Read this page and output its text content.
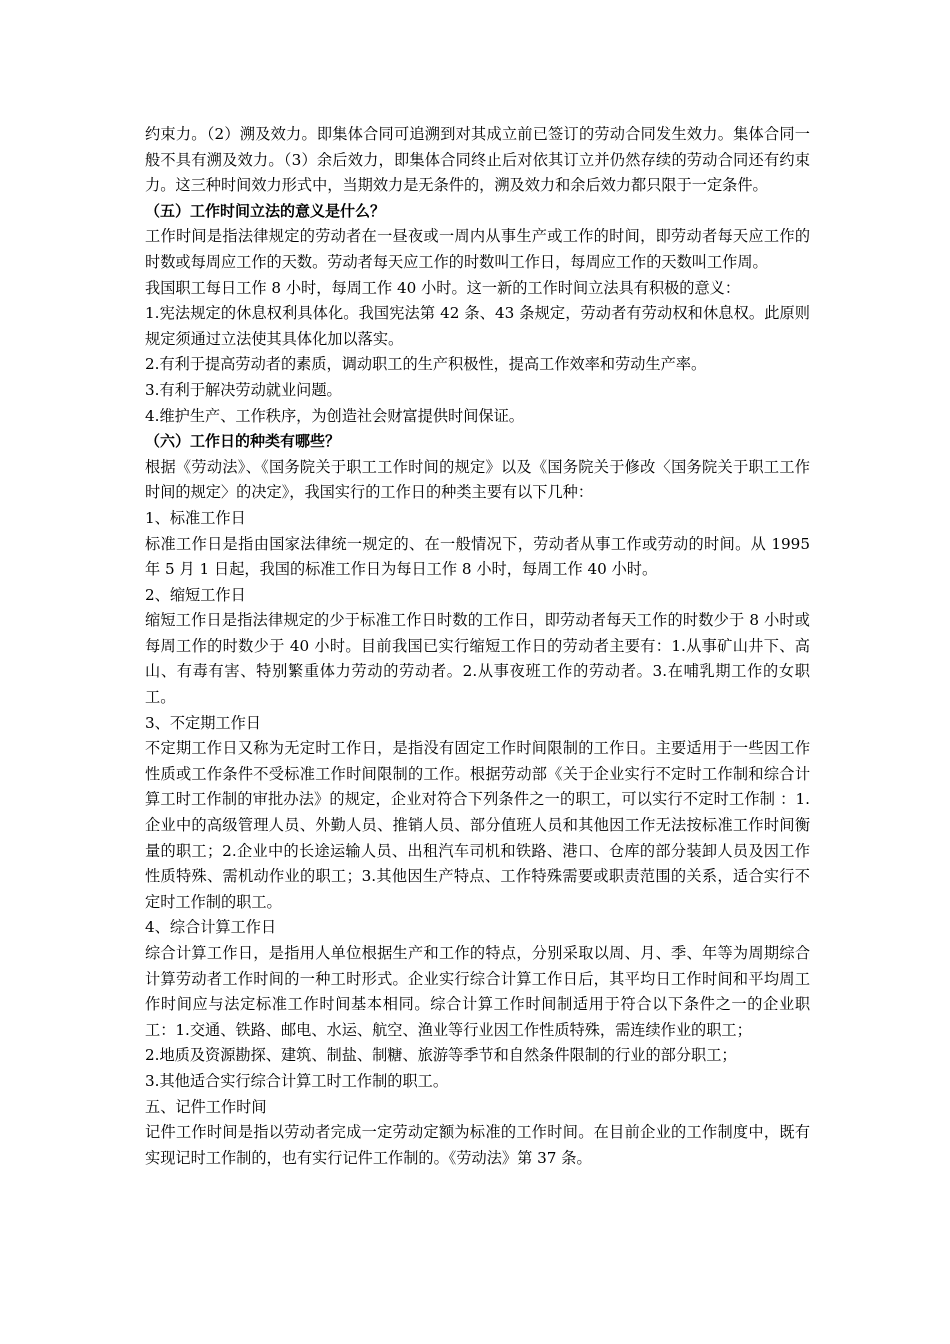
约束力。（2）溯及效力。即集体合同可追溯到对其成立前已签订的劳动合同发生效力。集体合同一般不具有溯及效力。（3）余后效力，即集体合同终止后对依其订立并仍然存续的劳动合同还有约束力。这三种时间效力形式中，当期效力是无条件的，溯及效力和余后效力都只限于一定条件。

（五）工作时间立法的意义是什么？

工作时间是指法律规定的劳动者在一昼夜或一周内从事生产或工作的时间，即劳动者每天应工作的时数或每周应工作的天数。劳动者每天应工作的时数叫工作日，每周应工作的天数叫工作周。

我国职工每日工作 8 小时，每周工作 40 小时。这一新的工作时间立法具有积极的意义：

1.宪法规定的休息权利具体化。我国宪法第 42 条、43 条规定，劳动者有劳动权和休息权。此原则规定须通过立法使其具体化加以落实。

2.有利于提高劳动者的素质，调动职工的生产积极性，提高工作效率和劳动生产率。

3.有利于解决劳动就业问题。

4.维护生产、工作秩序，为创造社会财富提供时间保证。

（六）工作日的种类有哪些？

根据《劳动法》、《国务院关于职工工作时间的规定》以及《国务院关于修改〈国务院关于职工工作时间的规定〉的决定》，我国实行的工作日的种类主要有以下几种：

1、标准工作日

标准工作日是指由国家法律统一规定的、在一般情况下，劳动者从事工作或劳动的时间。从 1995 年 5 月 1 日起，我国的标准工作日为每日工作 8 小时，每周工作 40 小时。

2、缩短工作日

缩短工作日是指法律规定的少于标准工作日时数的工作日，即劳动者每天工作的时数少于 8 小时或每周工作的时数少于 40 小时。目前我国已实行缩短工作日的劳动者主要有：1.从事矿山井下、高山、有毒有害、特别繁重体力劳动的劳动者。2.从事夜班工作的劳动者。3.在哺乳期工作的女职工。

3、不定期工作日

不定期工作日又称为无定时工作日，是指没有固定工作时间限制的工作日。主要适用于一些因工作性质或工作条件不受标准工作时间限制的工作。根据劳动部《关于企业实行不定时工作制和综合计算工时工作制的审批办法》的规定，企业对符合下列条件之一的职工，可以实行不定时工作制 ：1.企业中的高级管理人员、外勤人员、推销人员、部分值班人员和其他因工作无法按标准工作时间衡量的职工；2.企业中的长途运输人员、出租汽车司机和铁路、港口、仓库的部分装卸人员及因工作性质特殊、需机动作业的职工；3.其他因生产特点、工作特殊需要或职责范围的关系，适合实行不定时工作制的职工。

4、综合计算工作日

综合计算工作日，是指用人单位根据生产和工作的特点，分别采取以周、月、季、年等为周期综合计算劳动者工作时间的一种工时形式。企业实行综合计算工作日后，其平均日工作时间和平均周工作时间应与法定标准工作时间基本相同。综合计算工作时间制适用于符合以下条件之一的企业职工：1.交通、铁路、邮电、水运、航空、渔业等行业因工作性质特殊，需连续作业的职工；

2.地质及资源勘探、建筑、制盐、制糖、旅游等季节和自然条件限制的行业的部分职工；

3.其他适合实行综合计算工时工作制的职工。

五、记件工作时间

记件工作时间是指以劳动者完成一定劳动定额为标准的工作时间。在目前企业的工作制度中，既有实现记时工作制的，也有实行记件工作制的。《劳动法》第 37 条。
